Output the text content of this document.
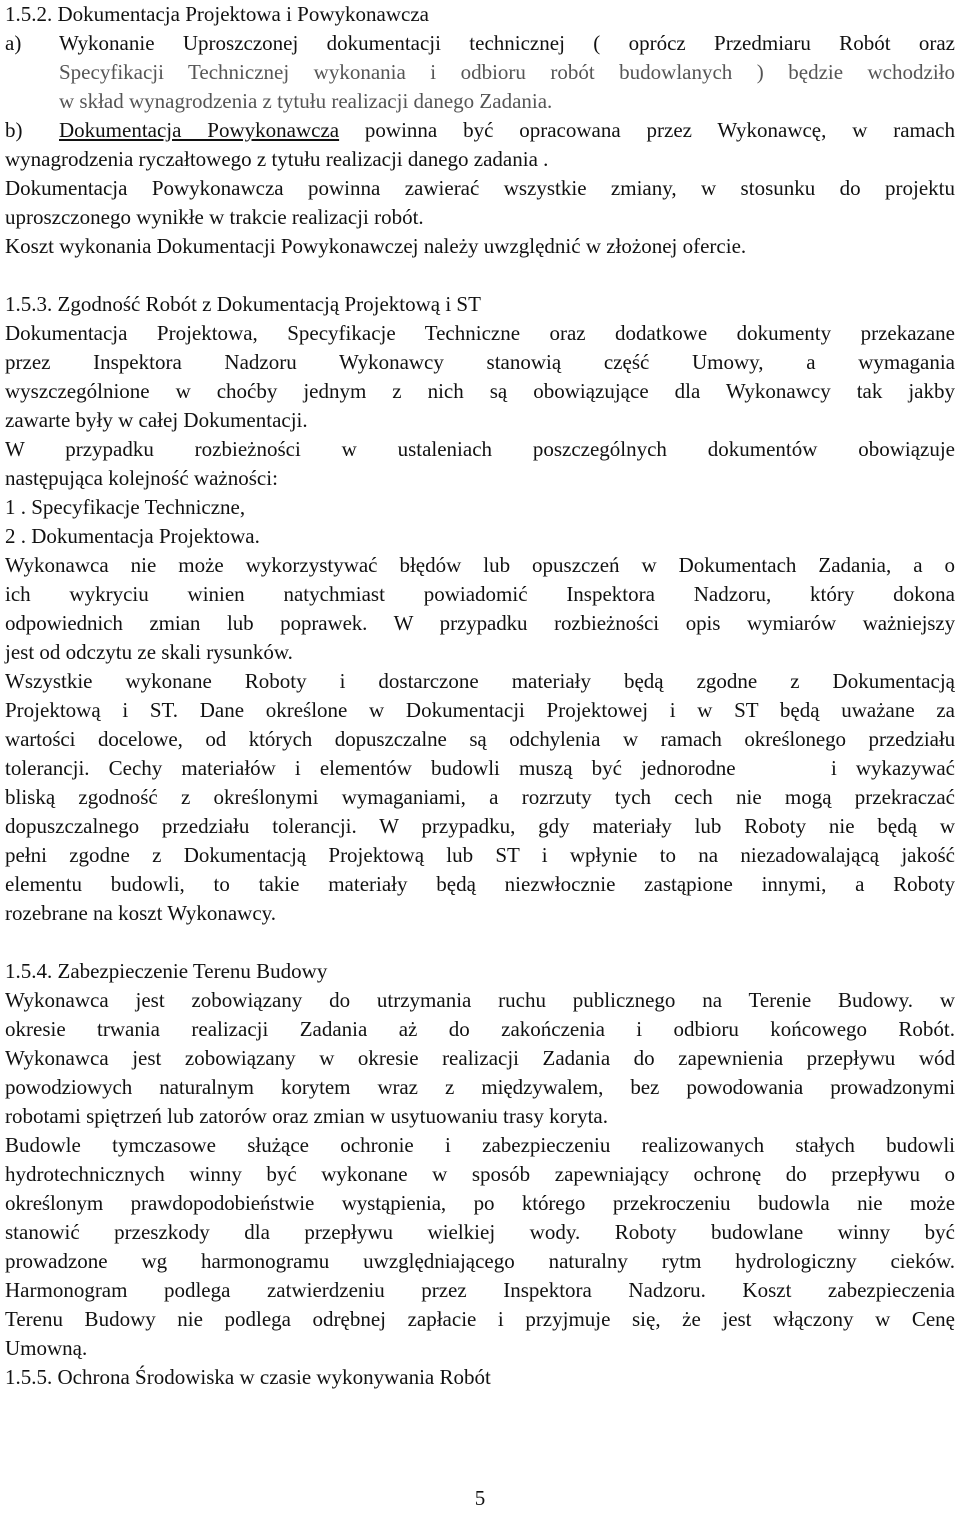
1.5.2. Dokumentacja Projektowa i Powykonawcza
a) Wykonanie Uproszczonej dokumentacji technicznej ( oprócz Przedmiaru Robót oraz
Specyfikacji Technicznej wykonania i odbioru robót budowlanych ) będzie wchodziło
w skład wynagrodzenia z tytułu realizacji danego Zadania.
b) Dokumentacja Powykonawcza powinna być opracowana przez Wykonawcę, w ramach
wynagrodzenia ryczałtowego z tytułu realizacji danego zadania .
Dokumentacja Powykonawcza powinna zawierać wszystkie zmiany, w stosunku do projektu
uproszczonego wynikłe w trakcie realizacji robót.
Koszt wykonania Dokumentacji Powykonawczej należy uwzględnić w złożonej ofercie.
1.5.3. Zgodność Robót z Dokumentacją Projektową i ST
Dokumentacja Projektowa, Specyfikacje Techniczne oraz dodatkowe dokumenty przekazane
przez Inspektora Nadzoru Wykonawcy stanowią część Umowy, a wymagania
wyszczególnione w choćby jednym z nich są obowiązujące dla Wykonawcy tak jakby
zawarte były w całej Dokumentacji.
W przypadku rozbieżności w ustaleniach poszczególnych dokumentów obowiązuje
następująca kolejność ważności:
1 . Specyfikacje Techniczne,
2 . Dokumentacja Projektowa.
Wykonawca nie może wykorzystywać błędów lub opuszczeń w Dokumentach Zadania, a o
ich wykryciu winien natychmiast powiadomić Inspektora Nadzoru, który dokona
odpowiednich zmian lub poprawek. W przypadku rozbieżności opis wymiarów ważniejszy
jest od odczytu ze skali rysunków.
Wszystkie wykonane Roboty i dostarczone materiały będą zgodne z Dokumentacją
Projektową i ST. Dane określone w Dokumentacji Projektowej i w ST będą uważane za
wartości docelowe, od których dopuszczalne są odchylenia w ramach określonego przedziału
tolerancji. Cechy materiałów i elementów budowli muszą być jednorodne     i wykazywać
bliską zgodność z określonymi wymaganiami, a rozrzuty tych cech nie mogą przekraczać
dopuszczalnego przedziału tolerancji. W przypadku, gdy materiały lub Roboty nie będą w
pełni zgodne z Dokumentacją Projektową lub ST i wpłynie to na niezadowalającą jakość
elementu budowli, to takie materiały będą niezwłocznie zastąpione innymi, a Roboty
rozebrane na koszt Wykonawcy.
1.5.4. Zabezpieczenie Terenu Budowy
Wykonawca jest zobowiązany do utrzymania ruchu publicznego na Terenie Budowy. w
okresie trwania realizacji Zadania aż do zakończenia i odbioru końcowego Robót.
Wykonawca jest zobowiązany w okresie realizacji Zadania do zapewnienia przepływu wód
powodziowych naturalnym korytem wraz z międzywalem, bez powodowania prowadzonymi
robotami spiętrzeń lub zatorów oraz zmian w usytuowaniu trasy koryta.
Budowle tymczasowe służące ochronie i zabezpieczeniu realizowanych stałych budowli
hydrotechnicznych winny być wykonane w sposób zapewniający ochronę do przepływu o
określonym prawdopodobieństwie wystąpienia, po którego przekroczeniu budowla nie może
stanowić przeszkody dla przepływu wielkiej wody. Roboty budowlane winny być
prowadzone wg harmonogramu uwzględniającego naturalny rytm hydrologiczny cieków.
Harmonogram podlega zatwierdzeniu przez Inspektora Nadzoru. Koszt zabezpieczenia
Terenu Budowy nie podlega odrębnej zapłacie i przyjmuje się, że jest włączony w Cenę
Umowną.
1.5.5. Ochrona Środowiska w czasie wykonywania Robót
5
